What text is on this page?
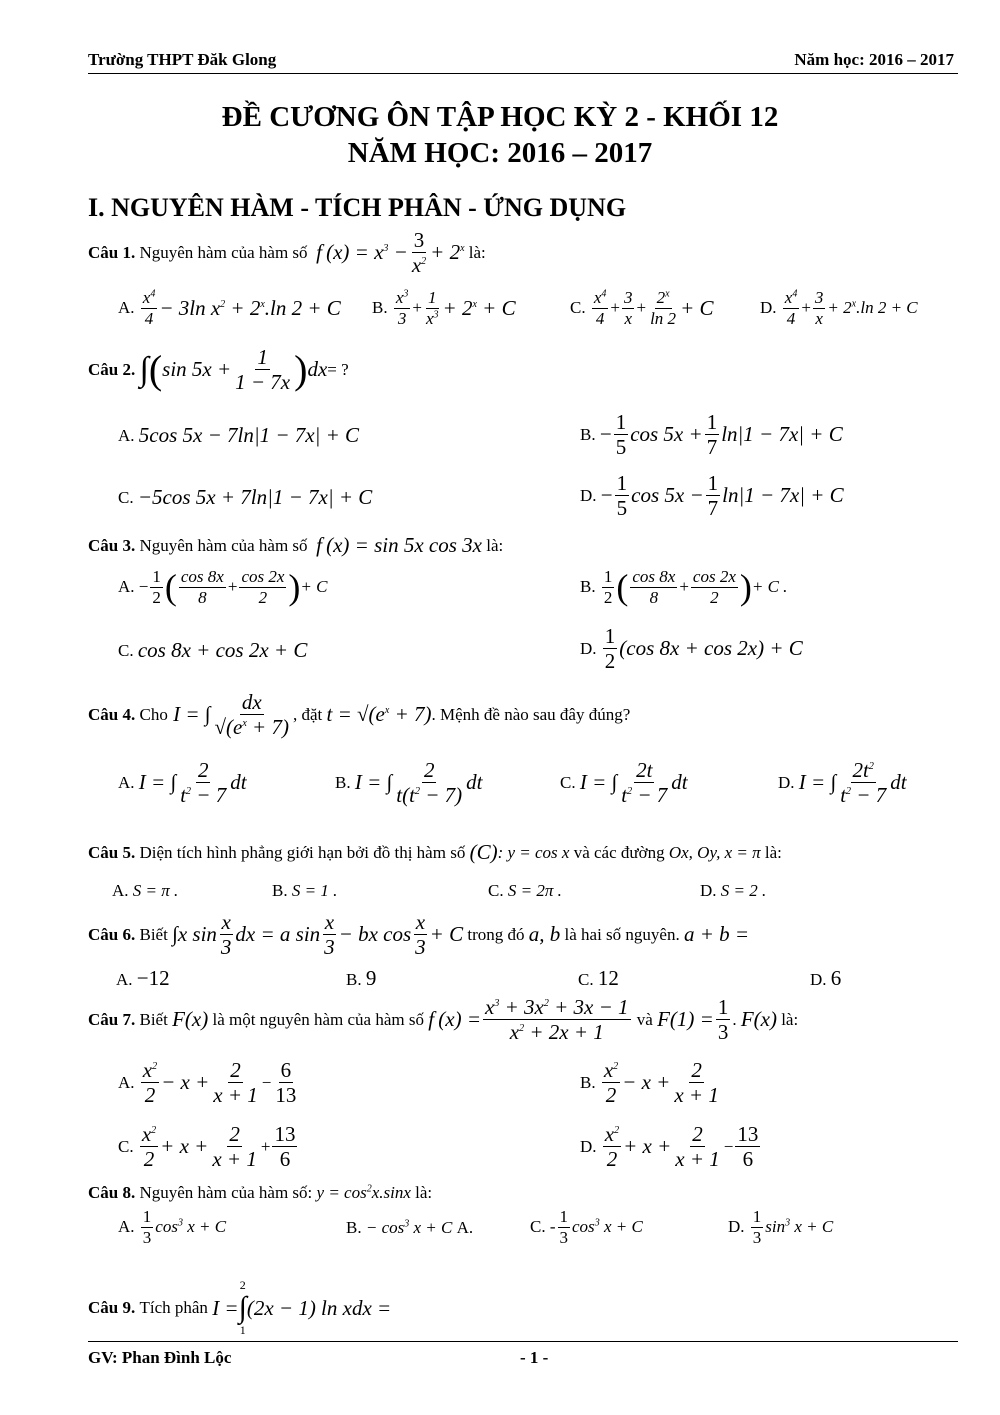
Trường THPT Đăk Glong	Năm học: 2016 – 2017
ĐỀ CƯƠNG ÔN TẬP HỌC KỲ 2 - KHỐI 12
NĂM HỌC: 2016 – 2017
I. NGUYÊN HÀM - TÍCH PHÂN - ỨNG DỤNG
Câu 1.
Nguyên hàm của hàm số
f $(x) = x^3 - \frac{3}{x^2} + 2^x$
là:
A.
$\frac{x^4}{4} - 3\ln$ $x^2 + 2^x.\ln$ 2 + C B.
$\frac{x^3}{3} + \frac{1}{x^3} + 2^x + C$	C.
$\frac{x^4}{4} + \frac{3}{x} + \frac{2^x}{\ln 2} + C$	D.
$\frac{x^4}{4} + \frac{3}{x} + 2^x.\ln$ 2 + C
Câu 2.
∫ ( $\sin 5x + \frac{1}{1 - 7x}$ ) dx = ?
A.
5cos 5x − 7ln|1 − 7x| + C	B.
− $\frac{1}{5}$ $\cos 5x + \frac{1}{7} \ln|1 - 7x| + C$
C.
−5cos 5x + 7ln|1 − 7x| + C	D.
− $\frac{1}{5}$ $\cos 5x - \frac{1}{7} \ln|1 - 7x| + C$
Câu 3.
Nguyên hàm của hàm số
f (x) = sin 5x cos 3x
là:
A. − $\frac{1}{2}$ ( $\frac{\cos 8x}{8} + \frac{\cos 2x}{2}$ ) + C	B.
$\frac{1}{2}$ ( $\frac{\cos 8x}{8} + \frac{\cos 2x}{2}$ ) + C .
C.
cos 8x + cos 2x + C	D.
$\frac{1}{2} (\cos$ 8x + cos 2x) + C
Câu 4.
Cho I = ∫ $\frac{dx}{√(e^x + 7)}$ , đặt
$t = √(e^x + 7)$ . Mệnh đề nào sau đây đúng?
A.
I = ∫ $\frac{2}{t^2 - 7}$ dt	B.
I = ∫ $\frac{2}{t(t^2 - 7)}$ dt	C.
I = ∫ $\frac{2t}{t^2 - 7}$ dt	D.
I = ∫ $\frac{2t^2}{t^2 - 7}$ dt
Câu 5.
Diện tích hình phẳng giới hạn bởi đồ thị hàm số
(C) : y = cos x
và các đường
Ox, Oy, x = π
là:
A. S = π .	B. S = 1 .	C. S = 2π .	D. S = 2 .
Câu 6.
Biết
∫x $\sin \frac{x}{3}$ dx = a $\sin \frac{x}{3}$ − bx $\cos \frac{x}{3} + C$
trong đó
a, b
là hai số nguyên.
a + b =
A. −12	B. 9	C. 12	D. 6
Câu 7.
Biết
F(x)
là một nguyên hàm của hàm số
f $(x) = \frac{x^3 + 3x^2 + 3x - 1}{x^2 + 2x + 1}$
và
$F(1) = \frac{1}{3}$ . F(x)
là:
A.
$\frac{x^2}{2} - x + \frac{2}{x + 1} - \frac{6}{13}$	B.
$\frac{x^2}{2} - x + \frac{2}{x + 1}$
C.
$\frac{x^2}{2} + x + \frac{2}{x + 1} + \frac{13}{6}$	D.
$\frac{x^2}{2} + x + \frac{2}{x + 1} - \frac{13}{6}$
Câu 8.
Nguyên hàm của hàm số:
$y = \cos^2x.\sin x$
là:
A.
$\frac{1}{3} \cos^3 x + C$	B.
− $\cos^3 x + C$
A.	C. - $\frac{1}{3} \cos^3 x + C$	D.
$\frac{1}{3} \sin^3 x + C$
Câu 9.
Tích phân
I =
2
∫
1
(2x − 1) ln xdx =
GV: Phan Đình Lộc	- 1 -
